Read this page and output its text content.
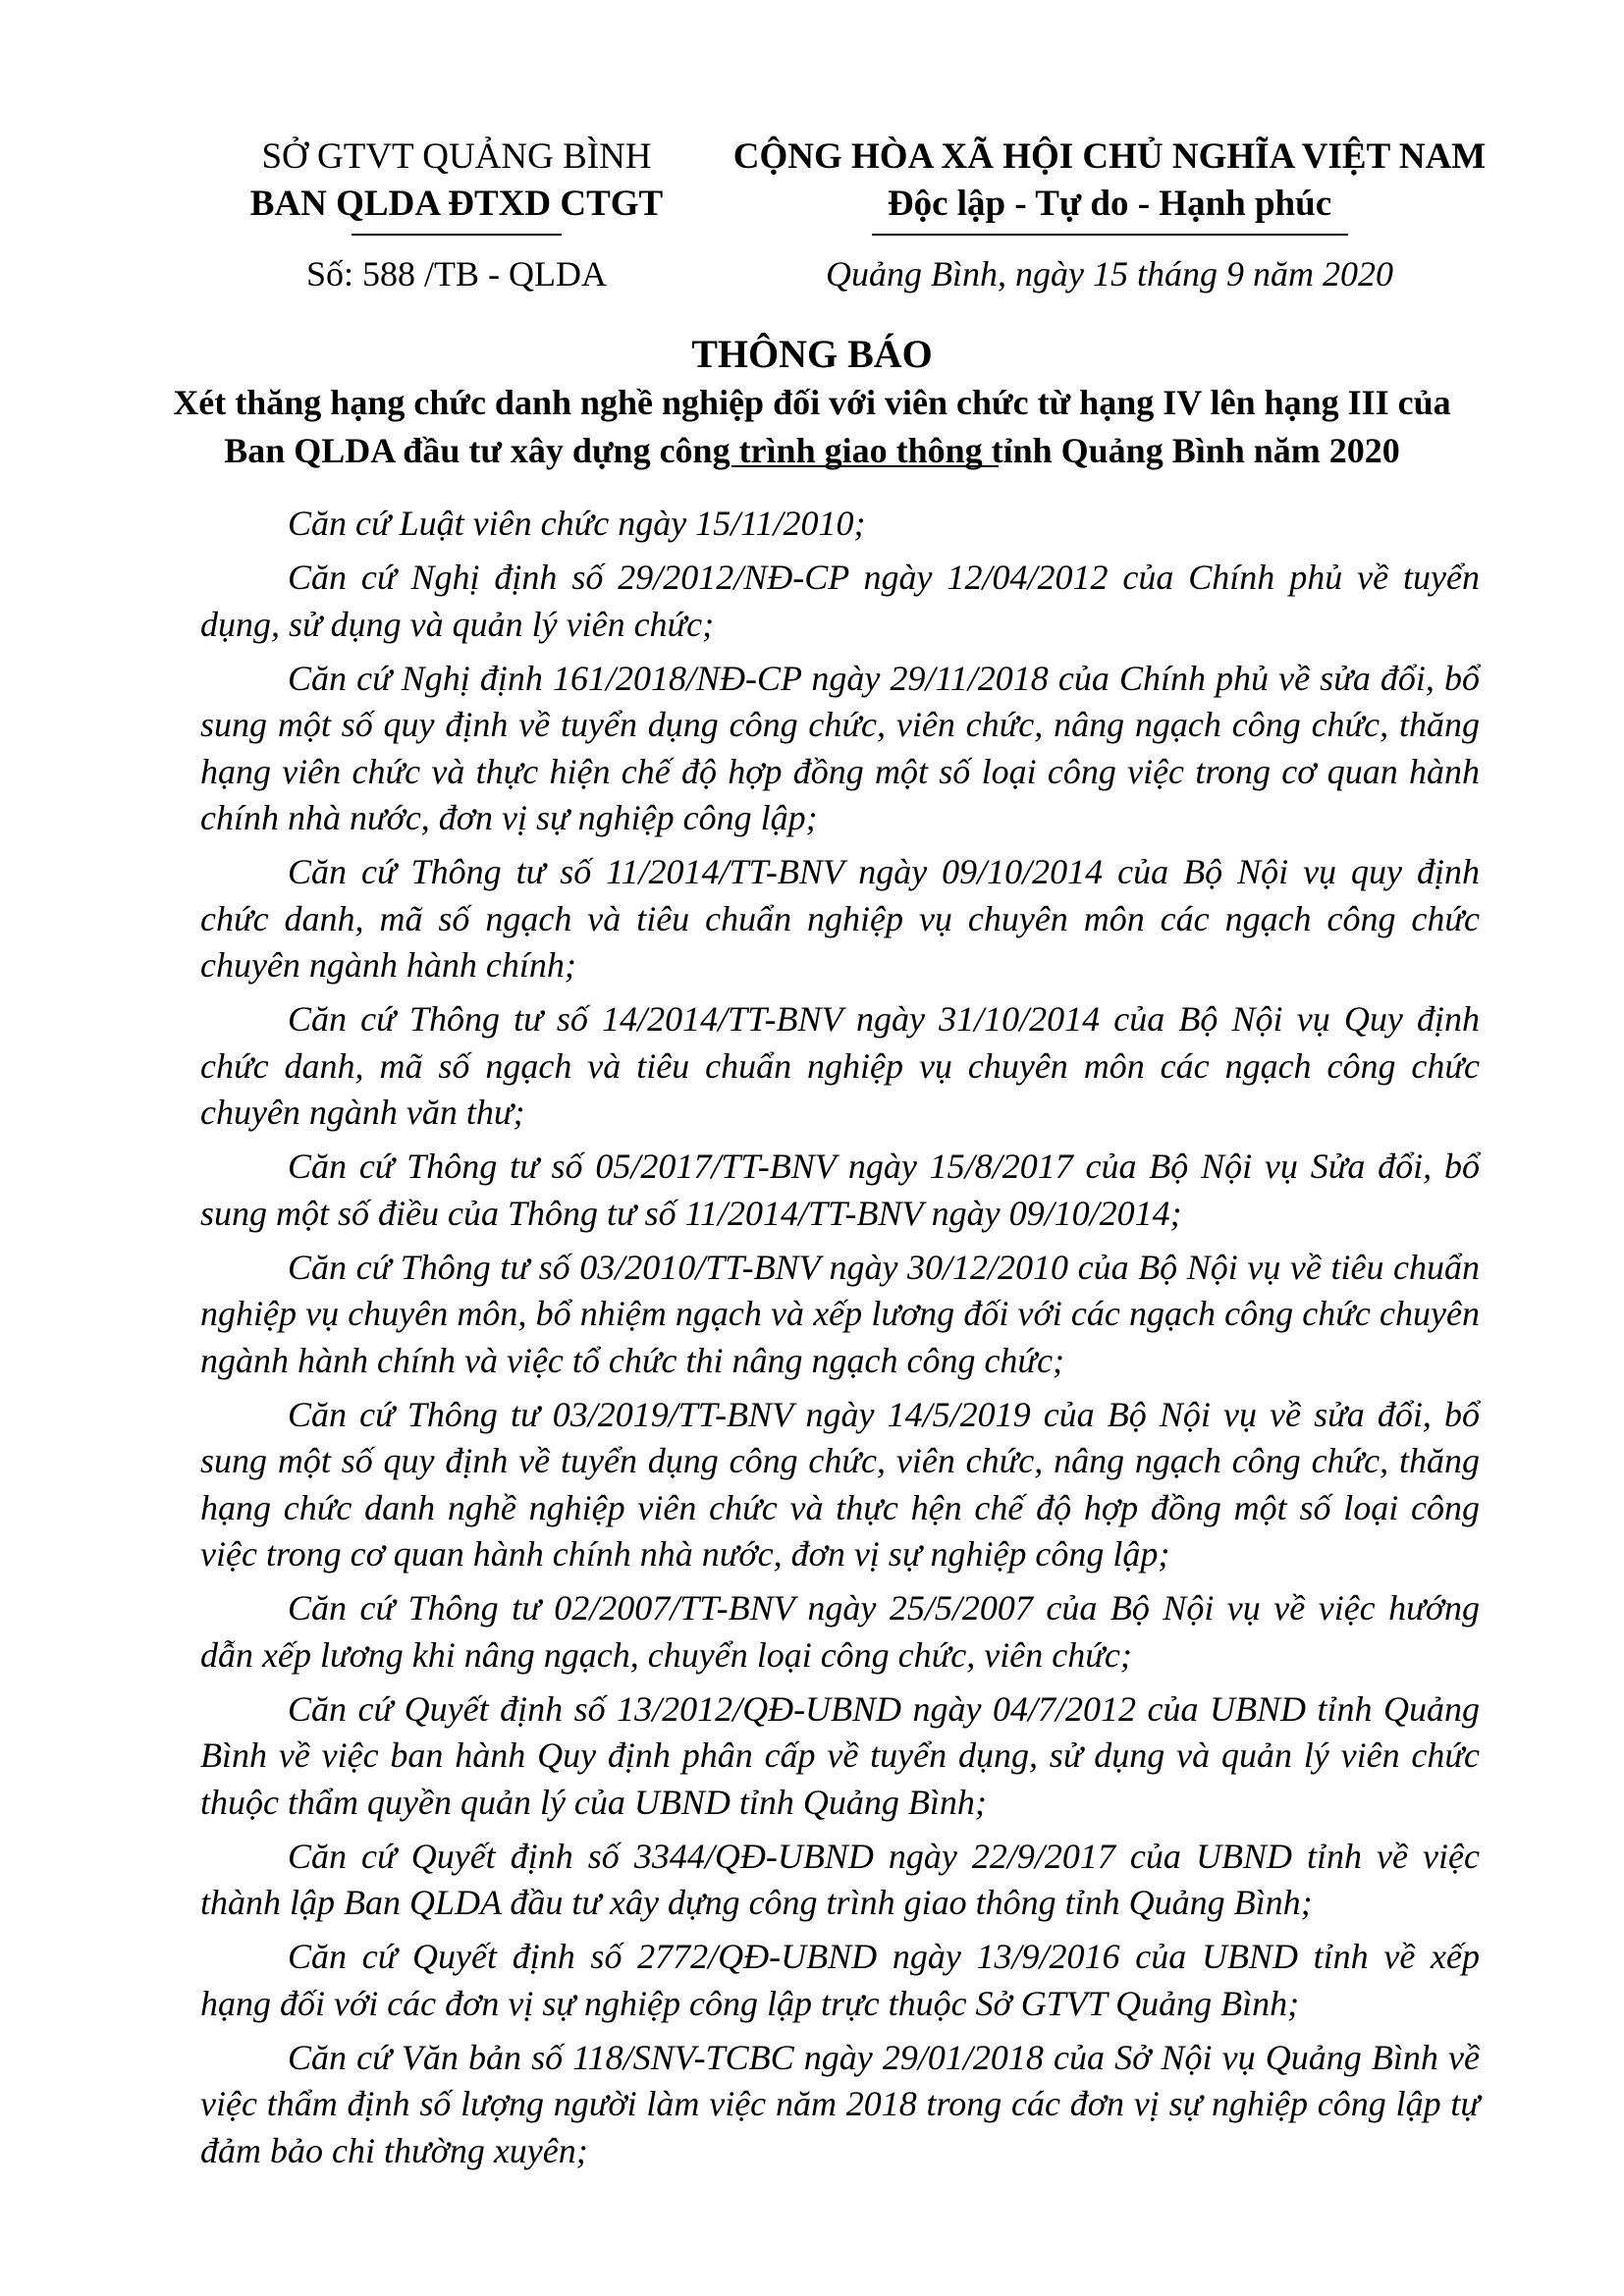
SỞ GTVT QUẢNG BÌNH
BAN QLDA ĐTXD CTGT
CỘNG HÒA XÃ HỘI CHỦ NGHĨA VIỆT NAM
Độc lập - Tự do - Hạnh phúc
Số: 588 /TB - QLDA	Quảng Bình, ngày 15 tháng 9 năm 2020
THÔNG BÁO
Xét thăng hạng chức danh nghề nghiệp đối với viên chức từ hạng IV lên hạng III của
Ban QLDA đầu tư xây dựng công trình giao thông tỉnh Quảng Bình năm 2020

Căn cứ Luật viên chức ngày 15/11/2010;

Căn cứ Nghị định số 29/2012/NĐ-CP ngày 12/04/2012 của Chính phủ về tuyển dụng, sử dụng và quản lý viên chức;

Căn cứ Nghị định 161/2018/NĐ-CP ngày 29/11/2018 của Chính phủ về sửa đổi, bổ sung một số quy định về tuyển dụng công chức, viên chức, nâng ngạch công chức, thăng hạng viên chức và thực hiện chế độ hợp đồng một số loại công việc trong cơ quan hành chính nhà nước, đơn vị sự nghiệp công lập;

Căn cứ Thông tư số 11/2014/TT-BNV ngày 09/10/2014 của Bộ Nội vụ quy định chức danh, mã số ngạch và tiêu chuẩn nghiệp vụ chuyên môn các ngạch công chức chuyên ngành hành chính;

Căn cứ Thông tư số 14/2014/TT-BNV ngày 31/10/2014 của Bộ Nội vụ Quy định chức danh, mã số ngạch và tiêu chuẩn nghiệp vụ chuyên môn các ngạch công chức chuyên ngành văn thư;

Căn cứ Thông tư số 05/2017/TT-BNV ngày 15/8/2017 của Bộ Nội vụ Sửa đổi, bổ sung một số điều của Thông tư số 11/2014/TT-BNV ngày 09/10/2014;

Căn cứ Thông tư số 03/2010/TT-BNV ngày 30/12/2010 của Bộ Nội vụ về tiêu chuẩn nghiệp vụ chuyên môn, bổ nhiệm ngạch và xếp lương đối với các ngạch công chức chuyên ngành hành chính và việc tổ chức thi nâng ngạch công chức;

Căn cứ Thông tư 03/2019/TT-BNV ngày 14/5/2019 của Bộ Nội vụ về sửa đổi, bổ sung một số quy định về tuyển dụng công chức, viên chức, nâng ngạch công chức, thăng hạng chức danh nghề nghiệp viên chức và thực hện chế độ hợp đồng một số loại công việc trong cơ quan hành chính nhà nước, đơn vị sự nghiệp công lập;

Căn cứ Thông tư 02/2007/TT-BNV ngày 25/5/2007 của Bộ Nội vụ về việc hướng dẫn xếp lương khi nâng ngạch, chuyển loại công chức, viên chức;

Căn cứ Quyết định số 13/2012/QĐ-UBND ngày 04/7/2012 của UBND tỉnh Quảng Bình về việc ban hành Quy định phân cấp về tuyển dụng, sử dụng và quản lý viên chức thuộc thẩm quyền quản lý của UBND tỉnh Quảng Bình;

Căn cứ Quyết định số 3344/QĐ-UBND ngày 22/9/2017 của UBND tỉnh về việc thành lập Ban QLDA đầu tư xây dựng công trình giao thông tỉnh Quảng Bình;

Căn cứ Quyết định số 2772/QĐ-UBND ngày 13/9/2016 của UBND tỉnh về xếp hạng đối với các đơn vị sự nghiệp công lập trực thuộc Sở GTVT Quảng Bình;

Căn cứ Văn bản số 118/SNV-TCBC ngày 29/01/2018 của Sở Nội vụ Quảng Bình về việc thẩm định số lượng người làm việc năm 2018 trong các đơn vị sự nghiệp công lập tự đảm bảo chi thường xuyên;
